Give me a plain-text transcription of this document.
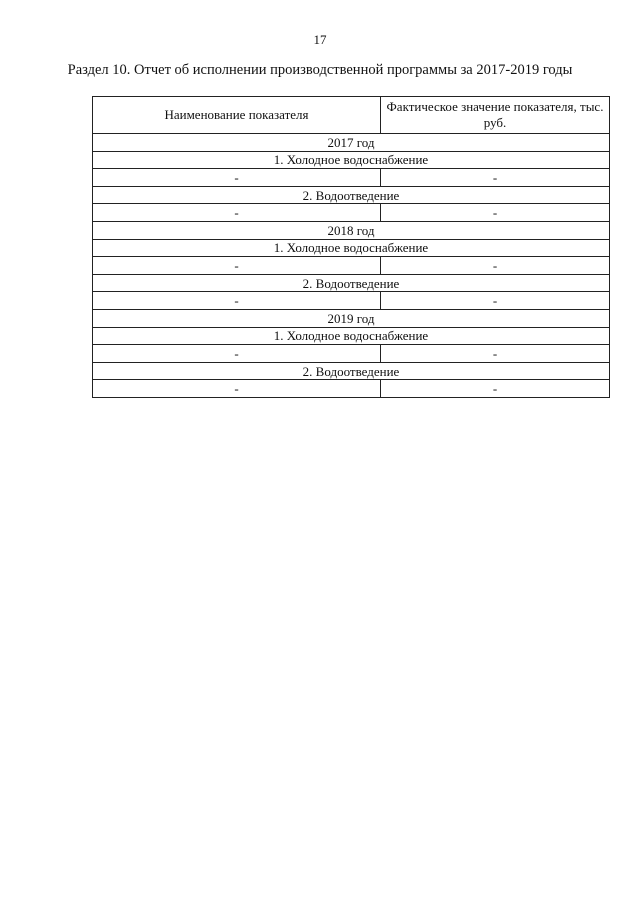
17
Раздел 10. Отчет об исполнении производственной программы за 2017-2019 годы
Наименование показателя	Фактическое значение показателя, тыс. руб.
2017 год	
1. Холодное водоснабжение	
-	-
2. Водоотведение	
-	-
2018 год	
1. Холодное водоснабжение	
-	-
2. Водоотведение	
-	-
2019 год	
1. Холодное водоснабжение	
-	-
2. Водоотведение	
-	-
